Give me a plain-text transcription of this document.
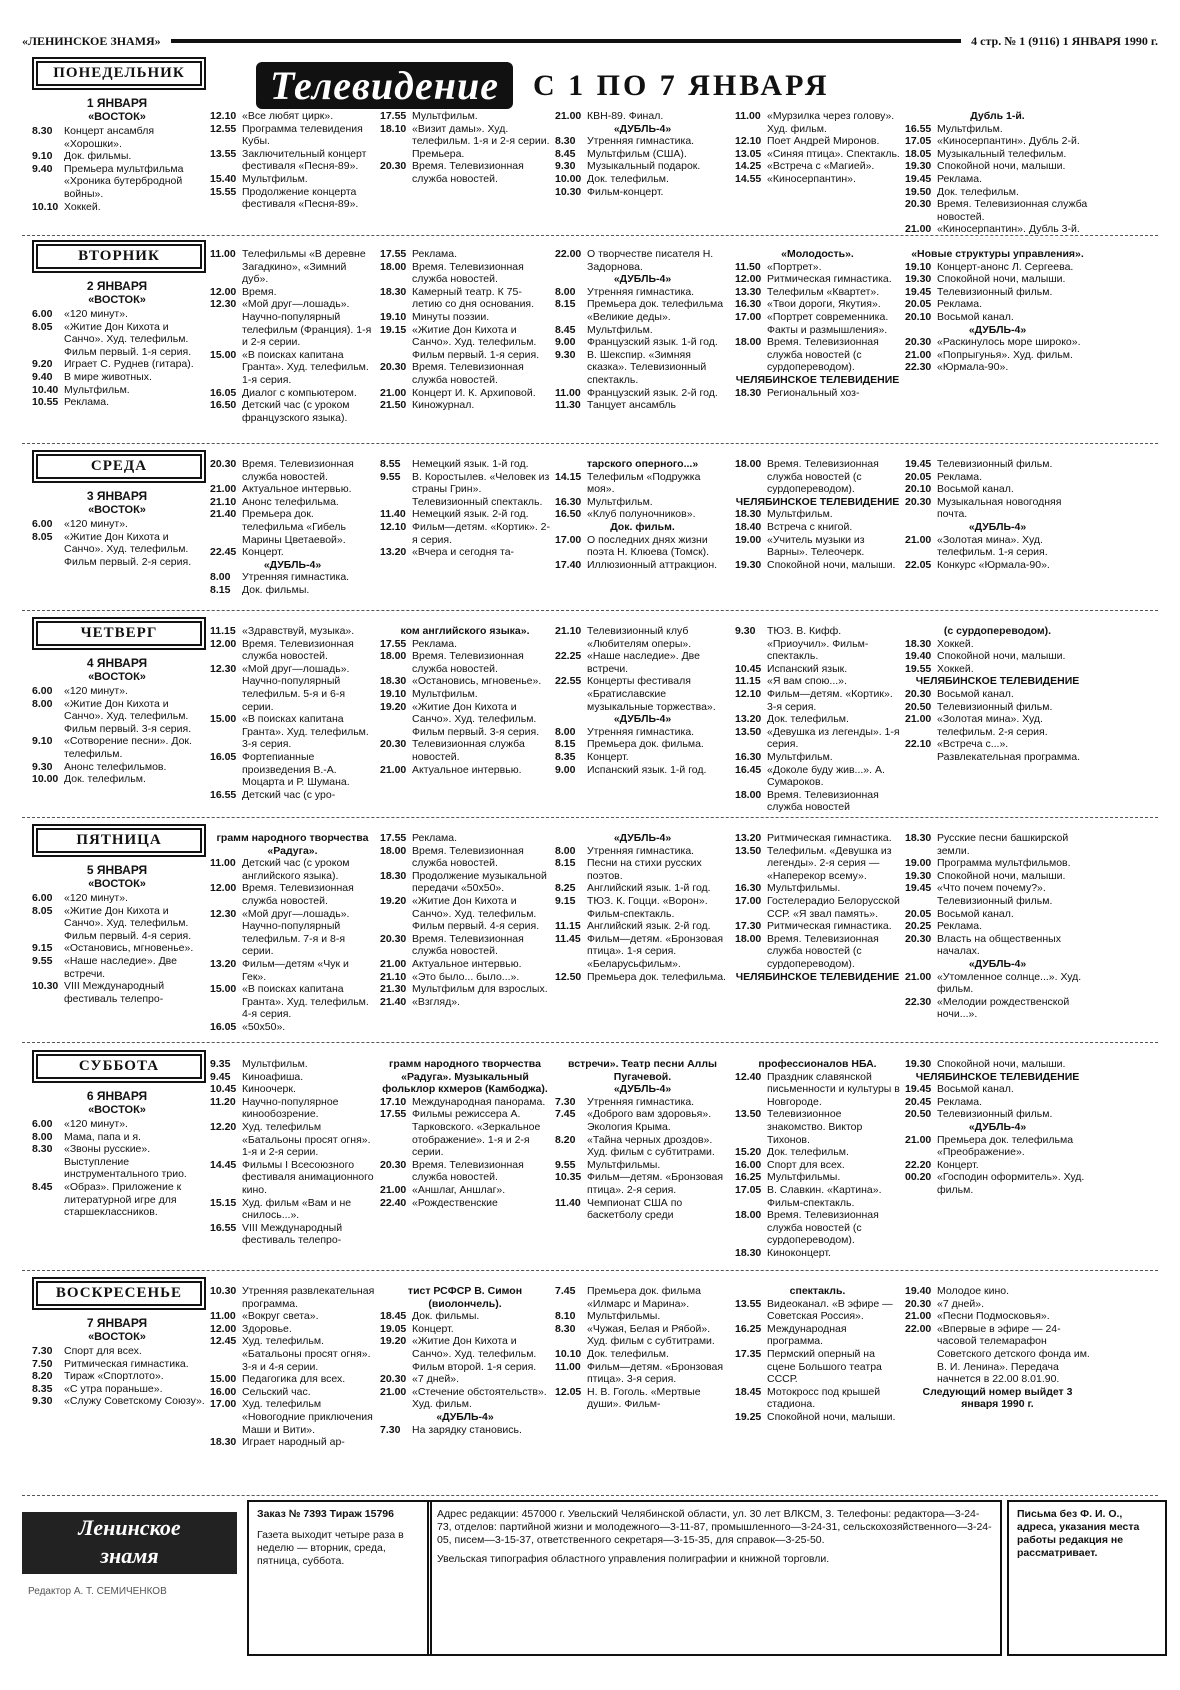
«ЛЕНИНСКОЕ ЗНАМЯ»	4 стр. № 1 (9116) 1 ЯНВАРЯ 1990 г.
Телевидение	С 1 ПО 7 ЯНВАРЯ
ПОНЕДЕЛЬНИК
1 ЯНВАРЯ
«ВОСТОК»
8.30	Концерт ансамбля «Хорошки».
9.10	Док. фильмы.
9.40	Премьера мультфильма «Хроника бутербродной войны».
10.10 Хоккей.
12.10 «Все любят цирк».
12.55 Программа телевидения Кубы.
13.55 Заключительный концерт фестиваля «Песня-89».
15.40 Мультфильм.
15.55 Продолжение концерта фестиваля «Песня-89».
17.55 Мультфильм.
18.10 «Визит дамы». Худ. телефильм. 1-я и 2-я серии. Премьера.
20.30 Время. Телевизионная служба новостей.
21.00 КВН-89. Финал.
«ДУБЛЬ-4»
8.30	Утренняя гимнастика.
8.45	Мультфильм (США).
9.30	Музыкальный подарок.
10.00 Док. телефильм.
10.30 Фильм-концерт.
11.00 «Мурзилка через голову». Худ. фильм.
12.10 Поет Андрей Миронов.
13.05 «Синяя птица». Спектакль.
14.25 «Встреча с «Магией».
14.55 «Киносерпантин».
Дубль 1-й.
16.55 Мультфильм.
17.05 «Киносерпантин». Дубль 2-й.
18.05 Музыкальный телефильм.
19.30 Спокойной ночи, малыши.
19.45 Реклама.
19.50 Док. телефильм.
20.30 Время. Телевизионная служба новостей.
21.00 «Киносерпантин». Дубль 3-й.
ВТОРНИК
2 ЯНВАРЯ
«ВОСТОК»
6.00	«120 минут».
8.05	«Житие Дон Кихота и Санчо». Худ. телефильм. Фильм первый. 1-я серия.
9.20	Играет С. Руднев (гитара).
9.40	В мире животных.
10.40 Мультфильм.
10.55 Реклама.
11.00 Телефильмы «В деревне Загадкино», «Зимний дуб».
12.00 Время.
12.30 «Мой друг—лошадь». Научно-популярный телефильм (Франция). 1-я и 2-я серии.
15.00 «В поисках капитана Гранта». Худ. телефильм. 1-я серия.
16.05 Диалог с компьютером.
16.50 Детский час (с уроком французского языка).
17.55 Реклама.
18.00 Время. Телевизионная служба новостей.
18.30 Камерный театр. К 75-летию со дня основания.
19.10 Минуты поэзии.
19.15 «Житие Дон Кихота и Санчо». Худ. телефильм. Фильм первый. 1-я серия.
20.30 Время. Телевизионная служба новостей.
21.00 Концерт И. К. Архиповой.
21.50 Киножурнал.
22.00 О творчестве писателя Н. Задорнова.
«ДУБЛЬ-4»
8.00	Утренняя гимнастика.
8.15	Премьера док. телефильма «Великие деды».
8.45	Мультфильм.
9.00	Французский язык. 1-й год.
9.30	В. Шекспир. «Зимняя сказка». Телевизионный спектакль.
11.00 Французский язык. 2-й год.
11.30 Танцует ансамбль
«Молодость».
11.50 «Портрет».
12.00 Ритмическая гимнастика.
13.30 Телефильм «Квартет».
16.30 «Твои дороги, Якутия».
17.00 «Портрет современника. Факты и размышления».
18.00 Время. Телевизионная служба новостей (с сурдопереводом).
ЧЕЛЯБИНСКОЕ ТЕЛЕВИДЕНИЕ
18.30 Региональный хоз-
«Новые структуры управления».
19.10 Концерт-анонс Л. Сергеева.
19.30 Спокойной ночи, малыши.
19.45 Телевизионный фильм.
20.05 Реклама.
20.10 Восьмой канал.
«ДУБЛЬ-4»
20.30 «Раскинулось море широко».
21.00 «Попрыгунья». Худ. фильм.
22.30 «Юрмала-90».
СРЕДА
3 ЯНВАРЯ
«ВОСТОК»
6.00	«120 минут».
8.05	«Житие Дон Кихота и Санчо». Худ. телефильм. Фильм первый. 2-я серия.
20.30 Время. Телевизионная служба новостей.
21.00 Актуальное интервью.
21.10 Анонс телефильма.
21.40 Премьера док. телефильма «Гибель Марины Цветаевой».
22.45 Концерт.
«ДУБЛЬ-4»
8.00	Утренняя гимнастика.
8.15	Док. фильмы.
8.55	Немецкий язык. 1-й год.
9.55	В. Коростылев. «Человек из страны Грин». Телевизионный спектакль.
11.40 Немецкий язык. 2-й год.
12.10 Фильм—детям. «Кортик». 2-я серия.
13.20 «Вчера и сегодня та-
тарского оперного...»
14.15 Телефильм «Подружка моя».
16.30 Мультфильм.
16.50 «Клуб полуночников».
Док. фильм.
17.00 О последних днях жизни поэта Н. Клюева (Томск).
17.40 Иллюзионный аттракцион.
18.00 Время. Телевизионная служба новостей (с сурдопереводом).
ЧЕЛЯБИНСКОЕ ТЕЛЕВИДЕНИЕ
18.30 Мультфильм.
18.40 Встреча с книгой.
19.00 «Учитель музыки из Варны». Телеочерк.
19.30 Спокойной ночи, малыши.
19.45 Телевизионный фильм.
20.05 Реклама.
20.10 Восьмой канал.
20.30 Музыкальная новогодняя почта.
«ДУБЛЬ-4»
21.00 «Золотая мина». Худ. телефильм. 1-я серия.
22.05 Конкурс «Юрмала-90».
ЧЕТВЕРГ
4 ЯНВАРЯ
«ВОСТОК»
6.00	«120 минут».
8.00	«Житие Дон Кихота и Санчо». Худ. телефильм. Фильм первый. 3-я серия.
9.10	«Сотворение песни». Док. телефильм.
9.30	Анонс телефильмов.
10.00 Док. телефильм.
11.15 «Здравствуй, музыка».
12.00 Время. Телевизионная служба новостей.
12.30 «Мой друг—лошадь». Научно-популярный телефильм. 5-я и 6-я серии.
15.00 «В поисках капитана Гранта». Худ. телефильм. 3-я серия.
16.05 Фортепианные произведения В.-А. Моцарта и Р. Шумана.
16.55 Детский час (с уро-
ком английского языка».
17.55 Реклама.
18.00 Время. Телевизионная служба новостей.
18.30 «Остановись, мгновенье».
19.10 Мультфильм.
19.20 «Житие Дон Кихота и Санчо». Худ. телефильм. Фильм первый. 3-я серия.
20.30 Телевизионная служба новостей.
21.00 Актуальное интервью.
21.10 Телевизионный клуб «Любителям оперы».
22.25 «Наше наследие». Две встречи.
22.55 Концерты фестиваля «Братиславские музыкальные торжества».
«ДУБЛЬ-4»
8.00	Утренняя гимнастика.
8.15	Премьера док. фильма.
8.35	Концерт.
9.00	Испанский язык. 1-й год.
9.30	ТЮЗ. В. Кифф. «Приоучил». Фильм-спектакль.
10.45 Испанский язык.
11.15 «Я вам спою...».
12.10 Фильм—детям. «Кортик». 3-я серия.
13.20 Док. телефильм.
13.50 «Девушка из легенды». 1-я серия.
16.30 Мультфильм.
16.45 «Доколе буду жив...». А. Сумароков.
18.00 Время. Телевизионная служба новостей
(с сурдопереводом).
18.30 Хоккей.
19.40 Спокойной ночи, малыши.
19.55 Хоккей.
ЧЕЛЯБИНСКОЕ ТЕЛЕВИДЕНИЕ
20.30 Восьмой канал.
20.50 Телевизионный фильм.
21.00 «Золотая мина». Худ. телефильм. 2-я серия.
22.10 «Встреча с...». Развлекательная программа.
ПЯТНИЦА
5 ЯНВАРЯ
«ВОСТОК»
6.00	«120 минут».
8.05	«Житие Дон Кихота и Санчо». Худ. телефильм. Фильм первый. 4-я серия.
9.15	«Остановись, мгновенье».
9.55	«Наше наследие». Две встречи.
10.30 VIII Международный фестиваль телепро-
грамм народного творчества «Радуга».
11.00 Детский час (с уроком английского языка).
12.00 Время. Телевизионная служба новостей.
12.30 «Мой друг—лошадь». Научно-популярный телефильм. 7-я и 8-я серии.
13.20 Фильм—детям «Чук и Гек».
15.00 «В поисках капитана Гранта». Худ. телефильм. 4-я серия.
16.05 «50х50».
17.55 Реклама.
18.00 Время. Телевизионная служба новостей.
18.30 Продолжение музыкальной передачи «50х50».
19.20 «Житие Дон Кихота и Санчо». Худ. телефильм. Фильм первый. 4-я серия.
20.30 Время. Телевизионная служба новостей.
21.00 Актуальное интервью.
21.10 «Это было... было...».
21.30 Мультфильм для взрослых.
21.40 «Взгляд».
«ДУБЛЬ-4»
8.00	Утренняя гимнастика.
8.15	Песни на стихи русских поэтов.
8.25	Английский язык. 1-й год.
9.15	ТЮЗ. К. Гоцци. «Ворон». Фильм-спектакль.
11.15 Английский язык. 2-й год.
11.45 Фильм—детям. «Бронзовая птица». 1-я серия. «Беларусьфильм».
12.50 Премьера док. телефильма.
13.20 Ритмическая гимнастика.
13.50 Телефильм. «Девушка из легенды». 2-я серия — «Наперекор всему».
16.30 Мультфильмы.
17.00 Гостелерадио Белорусской ССР. «Я звал память».
17.30 Ритмическая гимнастика.
18.00 Время. Телевизионная служба новостей (с сурдопереводом).
ЧЕЛЯБИНСКОЕ ТЕЛЕВИДЕНИЕ
18.30 Русские песни башкирской земли.
19.00 Программа мультфильмов.
19.30 Спокойной ночи, малыши.
19.45 «Что почем почему?». Телевизионный фильм.
20.05 Восьмой канал.
20.25 Реклама.
20.30 Власть на общественных началах.
«ДУБЛЬ-4»
21.00 «Утомленное солнце...». Худ. фильм.
22.30 «Мелодии рождественской ночи...».
СУББОТА
6 ЯНВАРЯ
«ВОСТОК»
6.00	«120 минут».
8.00	Мама, папа и я.
8.30	«Звоны русские». Выступление инструментального трио.
8.45	«Образ». Приложение к литературной игре для старшеклассников.
9.35	Мультфильм.
9.45	Киноафиша.
10.45 Киноочерк.
11.20 Научно-популярное кинообозрение.
12.20 Худ. телефильм «Батальоны просят огня». 1-я и 2-я серии.
14.45 Фильмы I Всесоюзного фестиваля анимационного кино.
15.15 Худ. фильм «Вам и не снилось...».
16.55 VIII Международный фестиваль телепро-
грамм народного творчества «Радуга». Музыкальный фольклор кхмеров (Камбоджа).
17.10 Международная панорама.
17.55 Фильмы режиссера А. Тарковского. «Зеркальное отображение». 1-я и 2-я серии.
20.30 Время. Телевизионная служба новостей.
21.00 «Аншлаг, Аншлаг».
22.40 «Рождественские
встречи». Театр песни Аллы Пугачевой.
«ДУБЛЬ-4»
7.30	Утренняя гимнастика.
7.45	«Доброго вам здоровья». Экология Крыма.
8.20	«Тайна черных дроздов». Худ. фильм с субтитрами.
9.55	Мультфильмы.
10.35 Фильм—детям. «Бронзовая птица». 2-я серия.
11.40 Чемпионат США по баскетболу среди
профессионалов НБА.
12.40 Праздник славянской письменности и культуры в Новгороде.
13.50 Телевизионное знакомство. Виктор Тихонов.
15.20 Док. телефильм.
16.00 Спорт для всех.
16.25 Мультфильмы.
17.05 В. Славкин. «Картина». Фильм-спектакль.
18.00 Время. Телевизионная служба новостей (с сурдопереводом).
18.30 Киноконцерт.
19.30 Спокойной ночи, малыши.
ЧЕЛЯБИНСКОЕ ТЕЛЕВИДЕНИЕ
19.45 Восьмой канал.
20.45 Реклама.
20.50 Телевизионный фильм.
«ДУБЛЬ-4»
21.00 Премьера док. телефильма «Преображение».
22.20 Концерт.
00.20 «Господин оформитель». Худ. фильм.
ВОСКРЕСЕНЬЕ
7 ЯНВАРЯ
«ВОСТОК»
7.30	Спорт для всех.
7.50	Ритмическая гимнастика.
8.20	Тираж «Спортлото».
8.35	«С утра пораньше».
9.30	«Служу Советскому Союзу».
10.30 Утренняя развлекательная программа.
11.00 «Вокруг света».
12.00 Здоровье.
12.45 Худ. телефильм. «Батальоны просят огня». 3-я и 4-я серии.
15.00 Педагогика для всех.
16.00 Сельский час.
17.00 Худ. телефильм «Новогодние приключения Маши и Вити».
18.30 Играет народный ар-
тист РСФСР В. Симон (виолончель).
18.45 Док. фильмы.
19.05 Концерт.
19.20 «Житие Дон Кихота и Санчо». Худ. телефильм. Фильм второй. 1-я серия.
20.30 «7 дней».
21.00 «Стечение обстоятельств». Худ. фильм.
«ДУБЛЬ-4»
7.30	На зарядку становись.
7.45	Премьера док. фильма «Илмарс и Марина».
8.10	Мультфильмы.
8.30	«Чужая, Белая и Рябой». Худ. фильм с субтитрами.
10.10 Док. телефильм.
11.00 Фильм—детям. «Бронзовая птица». 3-я серия.
12.05 Н. В. Гоголь. «Мертвые души». Фильм-
спектакль.
13.55 Видеоканал. «В эфире — Советская Россия».
16.25 Международная программа.
17.35 Пермский оперный на сцене Большого театра СССР.
18.45 Мотокросс под крышей стадиона.
19.25 Спокойной ночи, малыши.
19.40 Молодое кино.
20.30 «7 дней».
21.00 «Песни Подмосковья».
22.00 «Впервые в эфире — 24-часовой телемарафон Советского детского фонда им. В. И. Ленина». Передача начнется в 22.00 8.01.90.
Следующий номер выйдет 3 января 1990 г.
Ленинское
знамя
Редактор А. Т. СЕМИЧЕНКОВ
Заказ № 7393 Тираж 15796
Газета выходит четыре раза в неделю — вторник, среда, пятница, суббота.
Адрес редакции: 457000 г. Увельский Челябинской области, ул. 30 лет ВЛКСМ, 3. Телефоны: редактора—3-24-73, отделов: партийной жизни и молодежного—3-11-87, промышленного—3-24-31, сельскохозяйственного—3-24-05, писем—3-15-37, ответственного секретаря—3-15-35, для справок—3-25-50.
Увельская типография областного управления полиграфии и книжной торговли.
Письма без Ф. И. О., адреса, указания места работы редакция не рассматривает.
